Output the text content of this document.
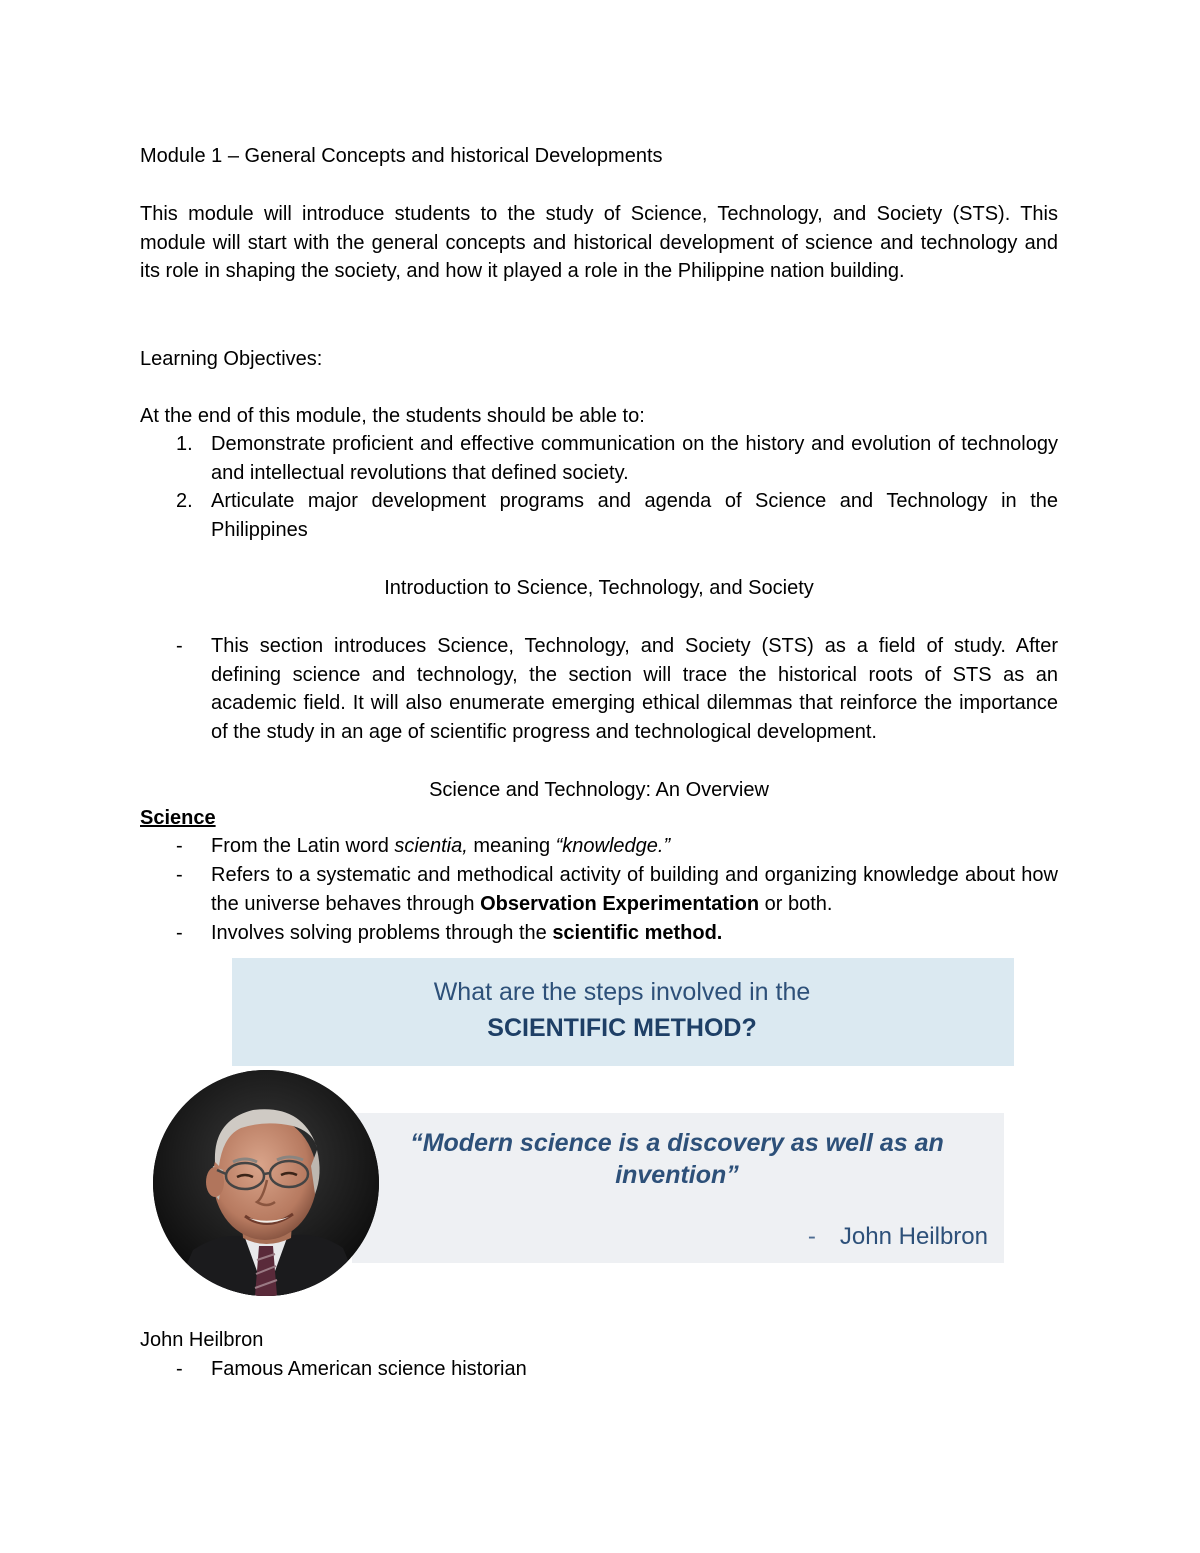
Module 1 – General Concepts and historical Developments
This module will introduce students to the study of Science, Technology, and Society (STS). This module will start with the general concepts and historical development of science and technology and its role in shaping the society, and how it played a role in the Philippine nation building.
Learning Objectives:
At the end of this module, the students should be able to:
1. Demonstrate proficient and effective communication on the history and evolution of technology and intellectual revolutions that defined society.
2. Articulate major development programs and agenda of Science and Technology in the Philippines
Introduction to Science, Technology, and Society
-	This section introduces Science, Technology, and Society (STS) as a field of study. After defining science and technology, the section will trace the historical roots of STS as an academic field. It will also enumerate emerging ethical dilemmas that reinforce the importance of the study in an age of scientific progress and technological development.
Science and Technology: An Overview
Science
-	From the Latin word scientia, meaning “knowledge.”
-	Refers to a systematic and methodical activity of building and organizing knowledge about how the universe behaves through Observation Experimentation or both.
-	Involves solving problems through the scientific method.
What are the steps involved in the
SCIENTIFIC METHOD?
“Modern science is a discovery as well as an invention”
- John Heilbron
John Heilbron
-	Famous American science historian
